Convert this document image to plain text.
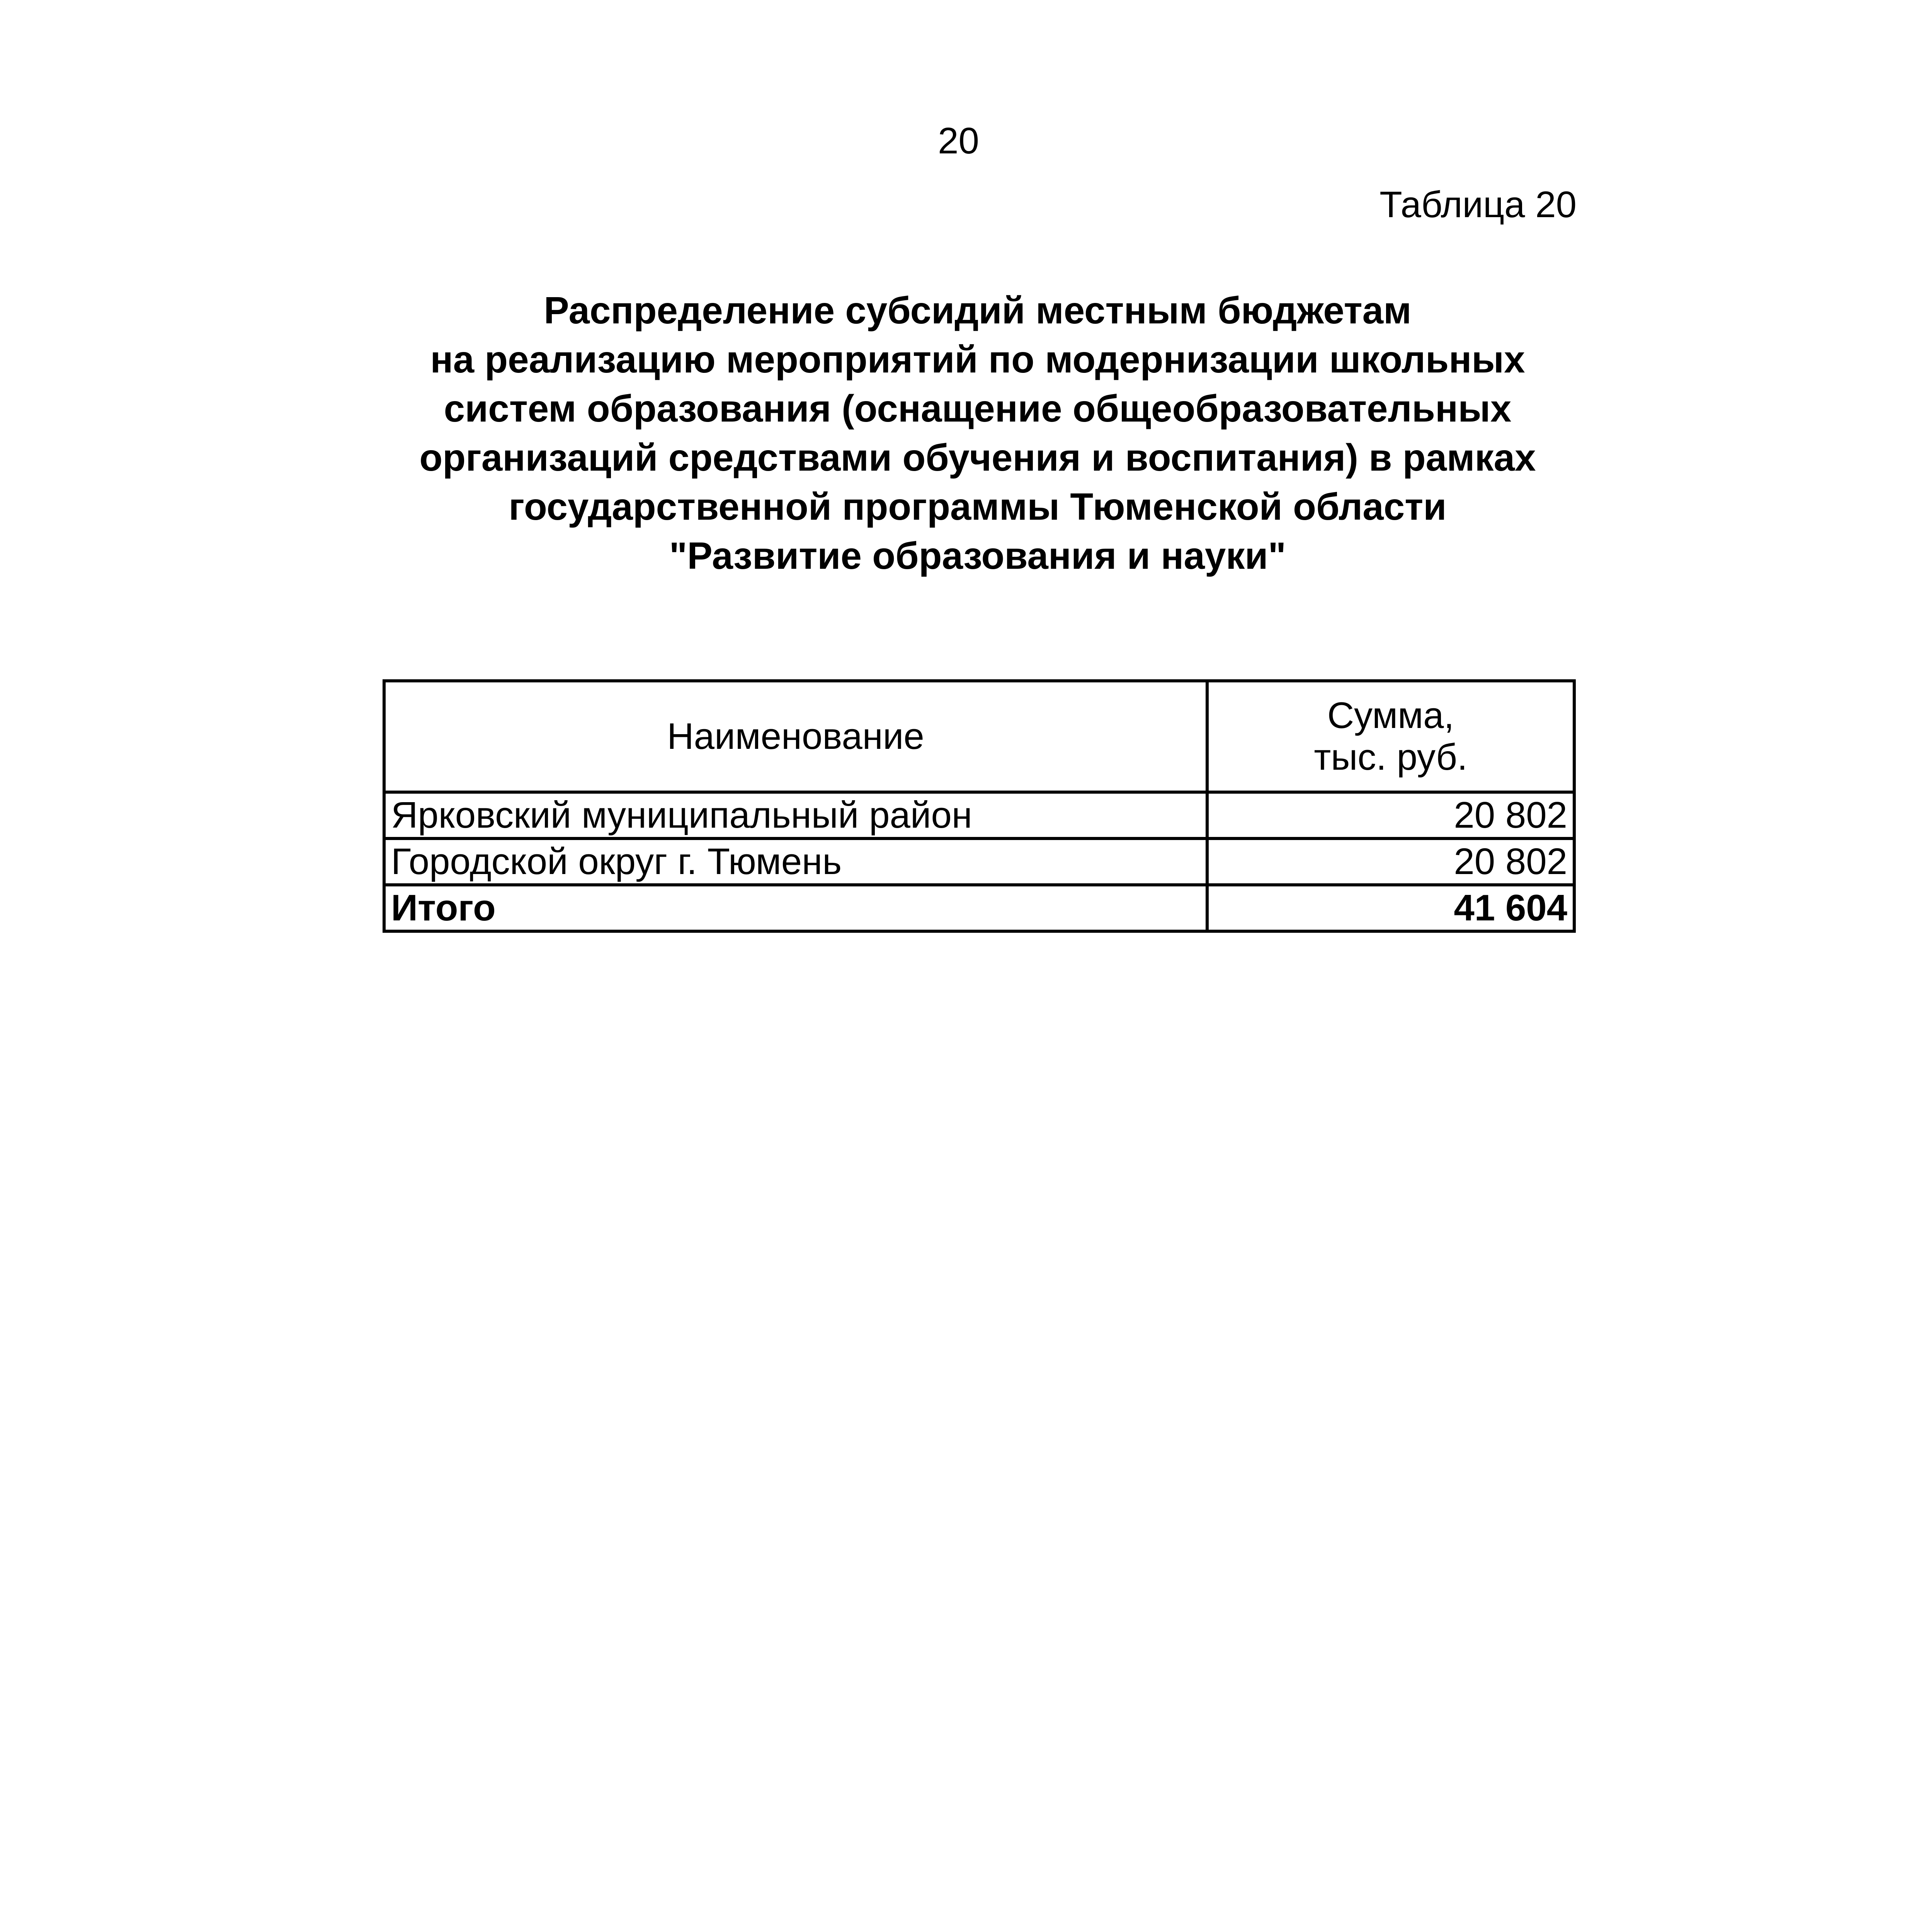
20
Таблица 20
Распределение субсидий местным бюджетам
на реализацию мероприятий по модернизации школьных
систем образования (оснащение общеобразовательных
организаций средствами обучения и воспитания) в рамках
государственной программы Тюменской области
"Развитие образования и науки"
Наименование	Сумма,
тыс. руб.

Ярковский муниципальный район	20 802
Городской округ г. Тюмень	20 802
Итого	41 604
